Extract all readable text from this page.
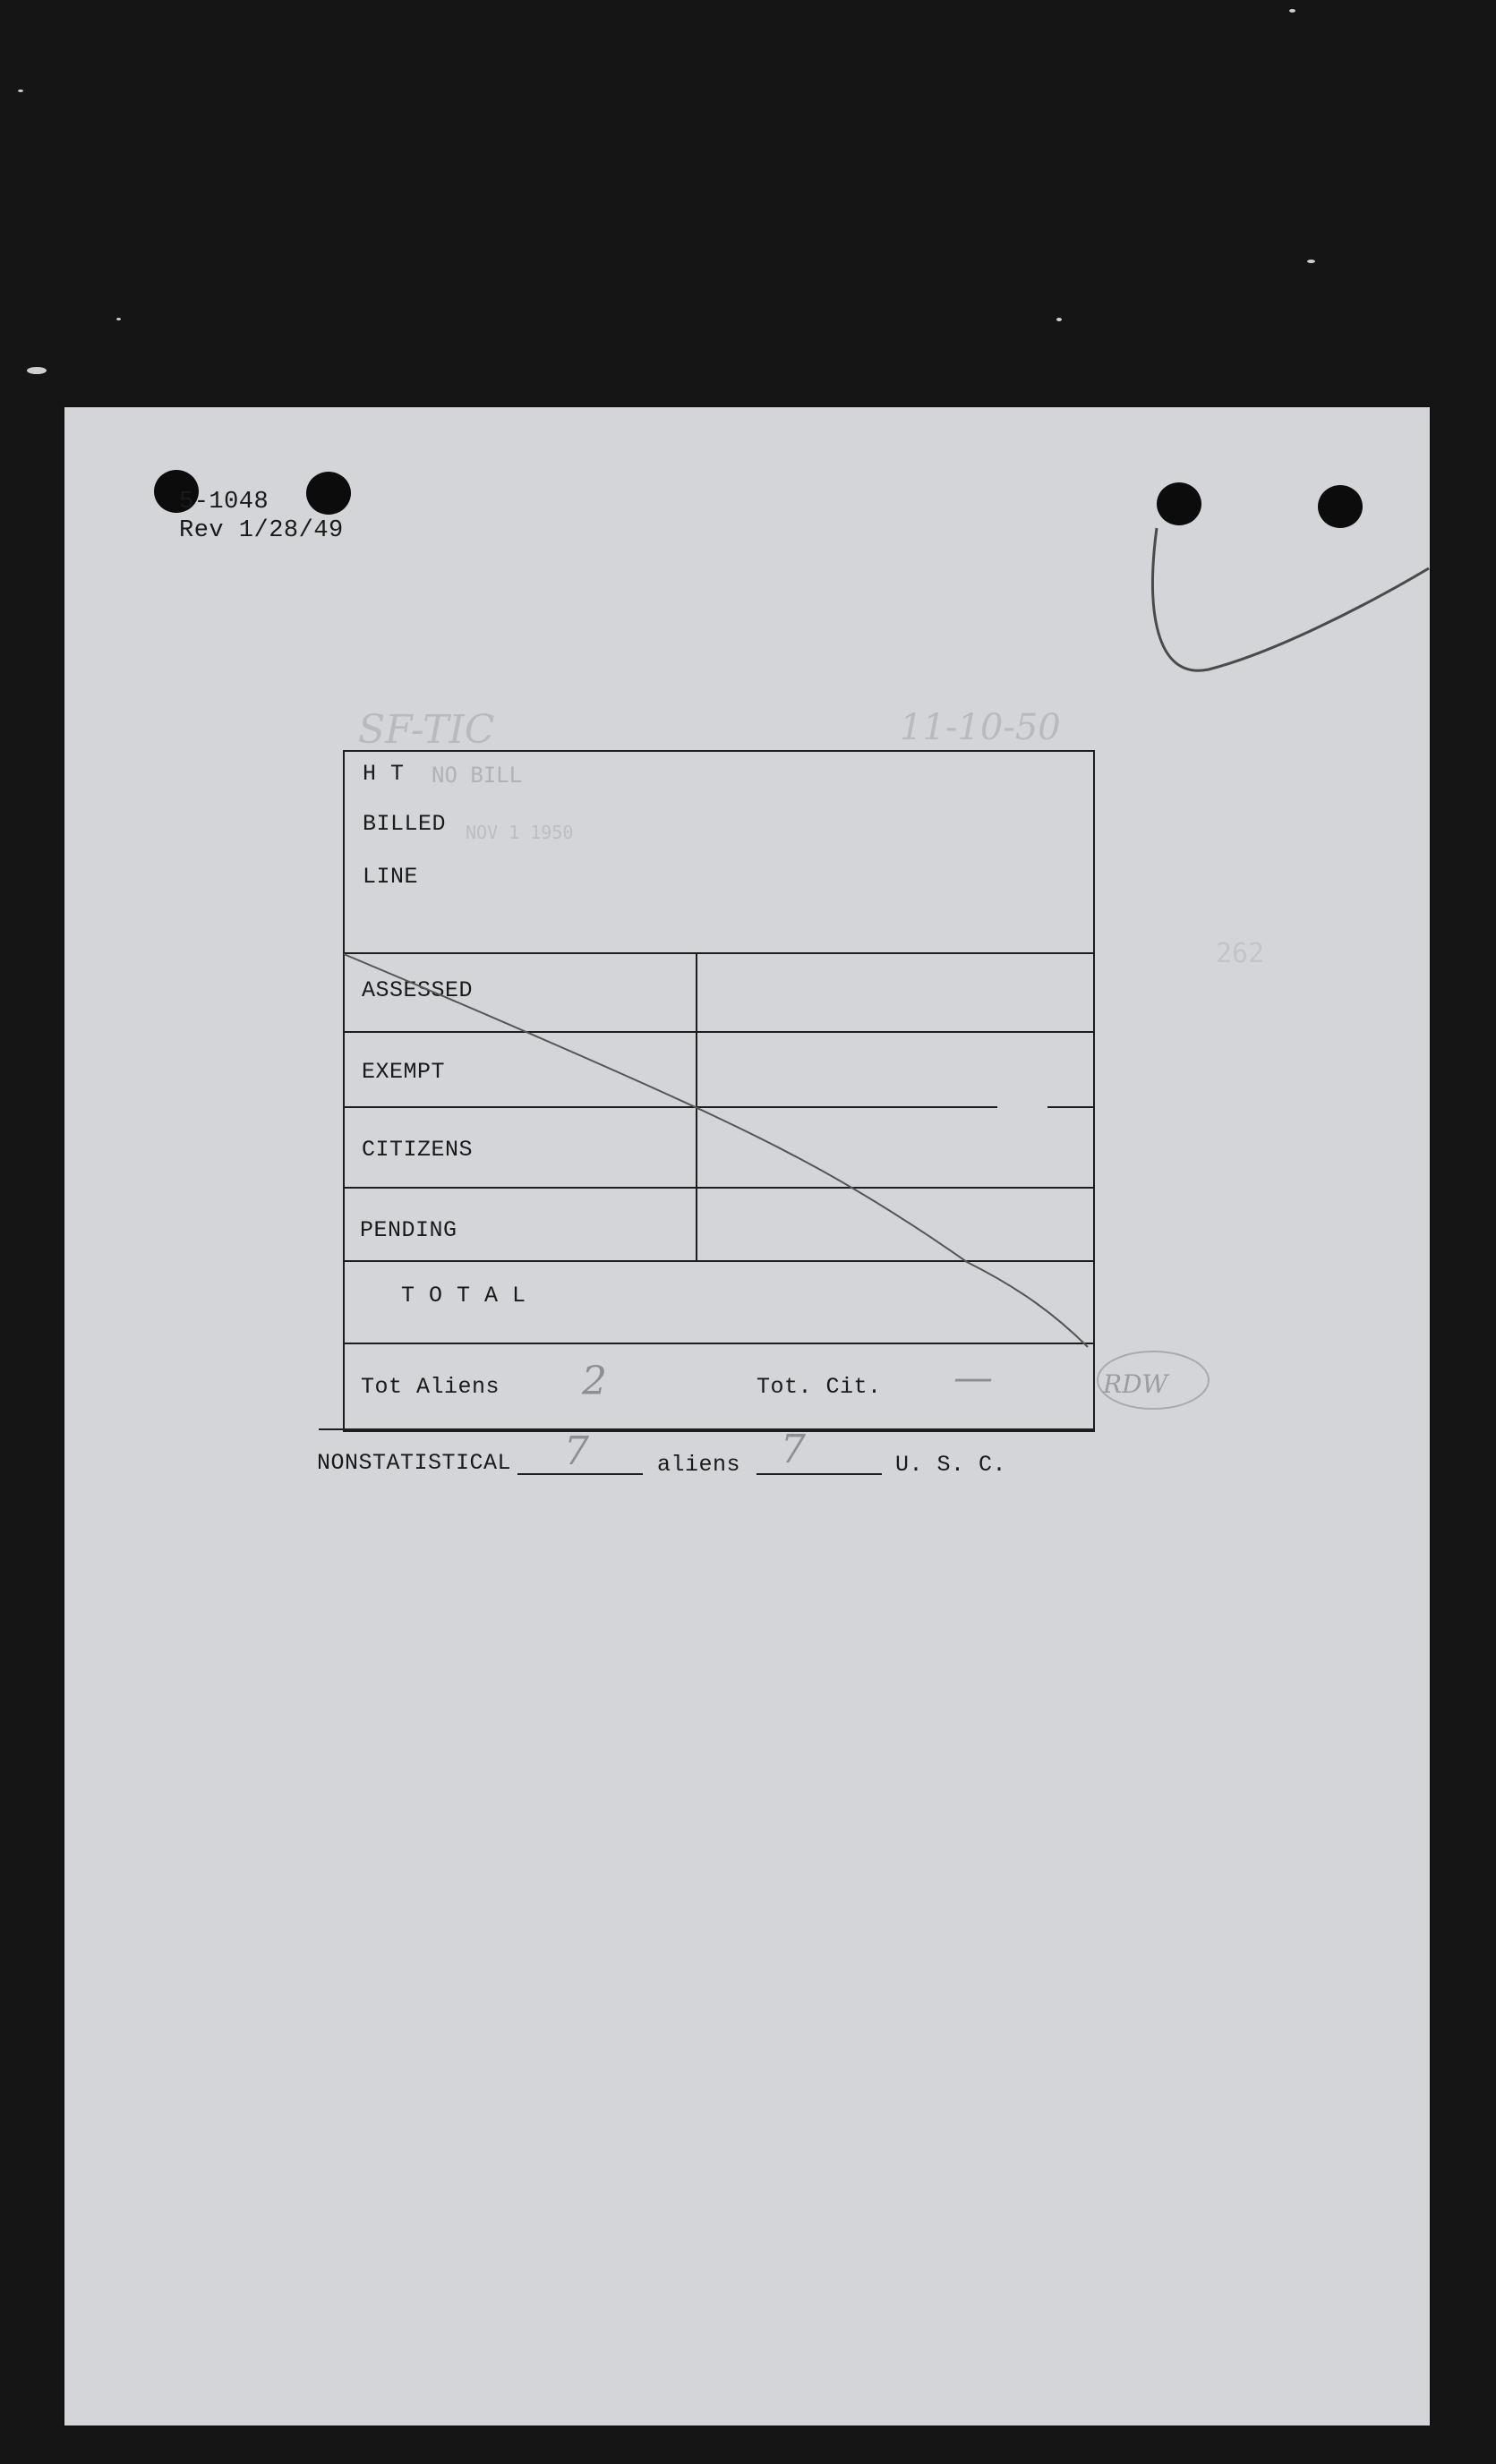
5-1048
Rev 1/28/49
SF-TIC	11-10-50
NO BILL
NOV 1 1950
262
H T
BILLED
LINE
ASSESSED
EXEMPT
CITIZENS
PENDING
T O T A L
Tot Aliens 2	Tot. Cit. —
NONSTATISTICAL 7	aliens 7	U. S. C.
RDW
